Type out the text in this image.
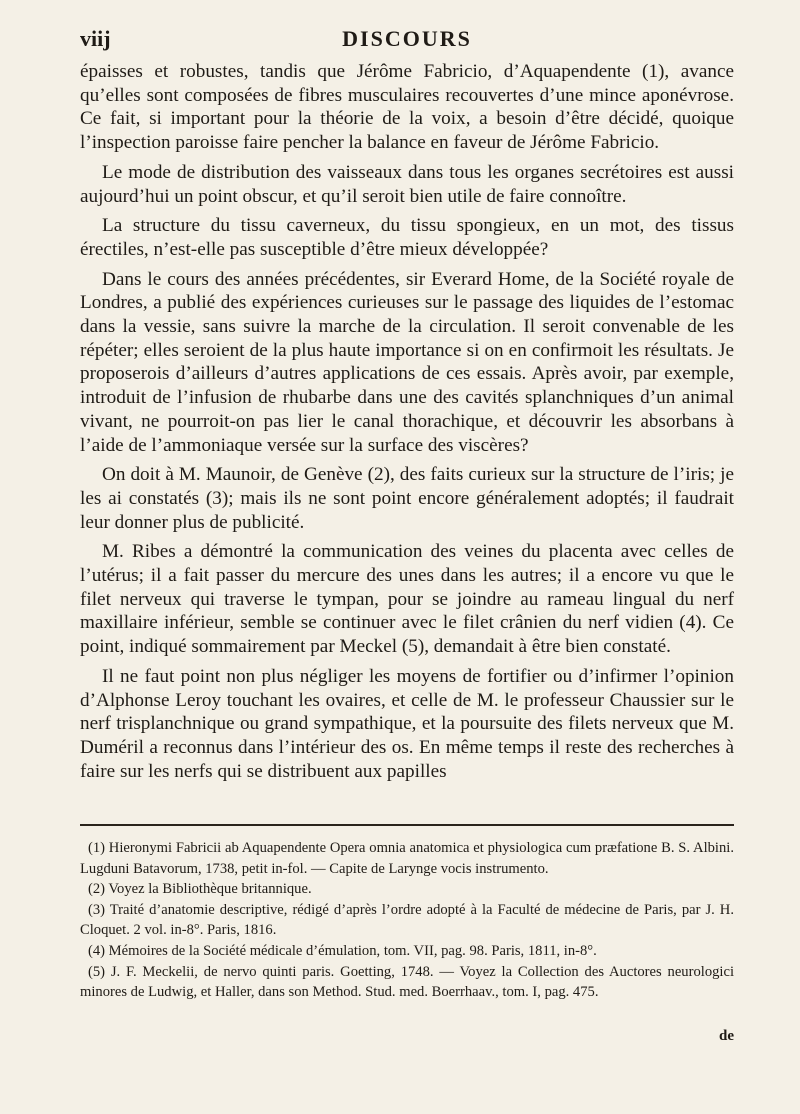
viij	DISCOURS

épaisses et robustes, tandis que Jérôme Fabricio, d’Aquapendente (1), avance qu’elles sont composées de fibres musculaires recouvertes d’une mince aponévrose. Ce fait, si important pour la théorie de la voix, a besoin d’être décidé, quoique l’inspection paroisse faire pencher la balance en faveur de Jérôme Fabricio.

Le mode de distribution des vaisseaux dans tous les organes secrétoires est aussi aujourd’hui un point obscur, et qu’il seroit bien utile de faire connoître.

La structure du tissu caverneux, du tissu spongieux, en un mot, des tissus érectiles, n’est-elle pas susceptible d’être mieux développée?

Dans le cours des années précédentes, sir Everard Home, de la Société royale de Londres, a publié des expériences curieuses sur le passage des liquides de l’estomac dans la vessie, sans suivre la marche de la circulation. Il seroit convenable de les répéter; elles seroient de la plus haute importance si on en confirmoit les résultats. Je proposerois d’ailleurs d’autres applications de ces essais. Après avoir, par exemple, introduit de l’infusion de rhubarbe dans une des cavités splanchniques d’un animal vivant, ne pourroit-on pas lier le canal thorachique, et découvrir les absorbans à l’aide de l’ammoniaque versée sur la surface des viscères?

On doit à M. Maunoir, de Genève (2), des faits curieux sur la structure de l’iris; je les ai constatés (3); mais ils ne sont point encore généralement adoptés; il faudrait leur donner plus de publicité.

M. Ribes a démontré la communication des veines du placenta avec celles de l’utérus; il a fait passer du mercure des unes dans les autres; il a encore vu que le filet nerveux qui traverse le tympan, pour se joindre au rameau lingual du nerf maxillaire inférieur, semble se continuer avec le filet crânien du nerf vidien (4). Ce point, indiqué sommairement par Meckel (5), demandait à être bien constaté.

Il ne faut point non plus négliger les moyens de fortifier ou d’infirmer l’opinion d’Alphonse Leroy touchant les ovaires, et celle de M. le professeur Chaussier sur le nerf trisplanchnique ou grand sympathique, et la poursuite des filets nerveux que M. Duméril a reconnus dans l’intérieur des os. En même temps il reste des recherches à faire sur les nerfs qui se distribuent aux papilles

(1) Hieronymi Fabricii ab Aquapendente Opera omnia anatomica et physiologica cum præfatione B. S. Albini. Lugduni Batavorum, 1738, petit in-fol. — Capite de Larynge vocis instrumento.

(2) Voyez la Bibliothèque britannique.

(3) Traité d’anatomie descriptive, rédigé d’après l’ordre adopté à la Faculté de médecine de Paris, par J. H. Cloquet. 2 vol. in-8°. Paris, 1816.

(4) Mémoires de la Société médicale d’émulation, tom. VII, pag. 98. Paris, 1811, in-8°.

(5) J. F. Meckelii, de nervo quinti paris. Goetting, 1748. — Voyez la Collection des Auctores neurologici minores de Ludwig, et Haller, dans son Method. Stud. med. Boerrhaav., tom. I, pag. 475.

de
